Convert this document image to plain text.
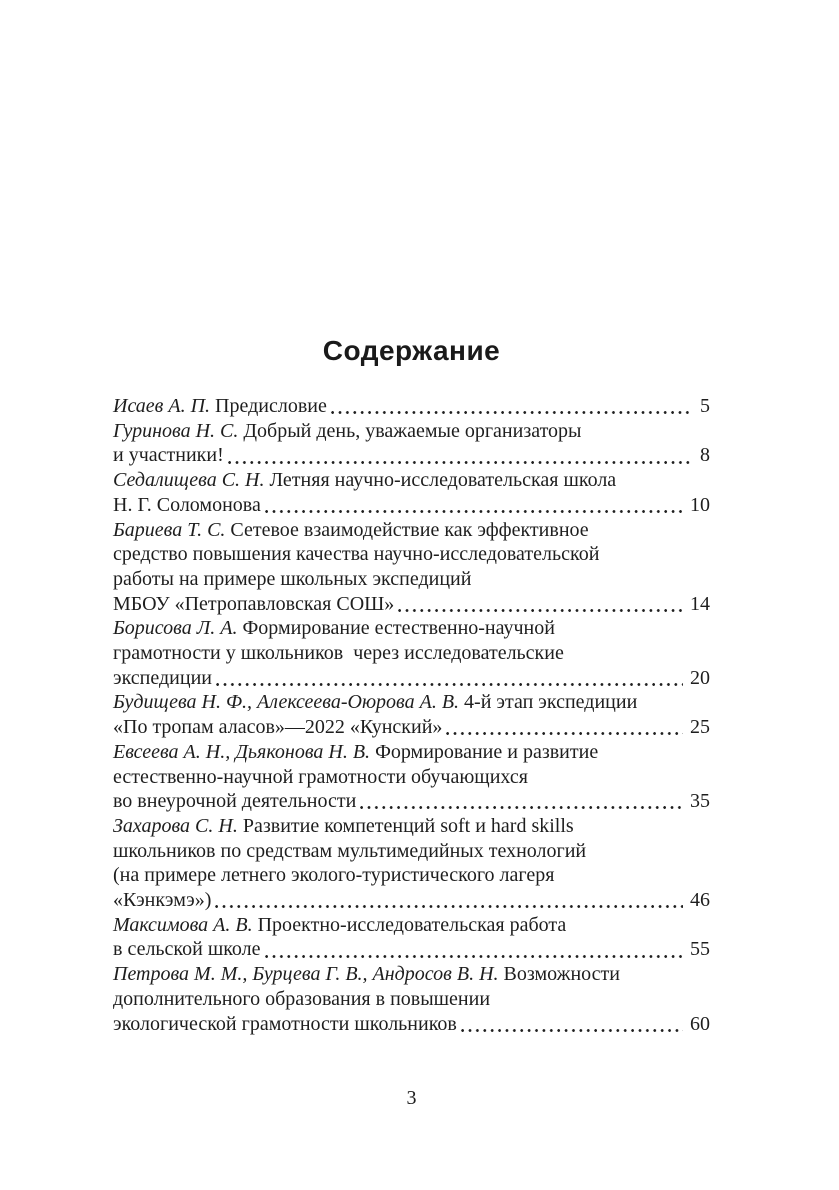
Содержание
Исаев А. П. Предисловие	5
Гуринова Н. С. Добрый день, уважаемые организаторы
и участники!	8
Седалищева С. Н. Летняя научно-исследовательская школа
Н. Г. Соломонова	10
Бариева Т. С. Сетевое взаимодействие как эффективное
средство повышения качества научно-исследовательской
работы на примере школьных экспедиций
МБОУ «Петропавловская СОШ»	14
Борисова Л. А. Формирование естественно-научной
грамотности у школьников  через исследовательские
экспедиции	20
Будищева Н. Ф., Алексеева-Оюрова А. В. 4-й этап экспедиции
«По тропам аласов»—2022 «Кунский»	25
Евсеева А. Н., Дьяконова Н. В. Формирование и развитие
естественно-научной грамотности обучающихся
во внеурочной деятельности	35
Захарова С. Н. Развитие компетенций soft и hard skills
школьников по средствам мультимедийных технологий
(на примере летнего эколого-туристического лагеря
«Кэнкэмэ»)	46
Максимова А. В. Проектно-исследовательская работа
в сельской школе	55
Петрова М. М., Бурцева Г. В., Андросов В. Н. Возможности
дополнительного образования в повышении
экологической грамотности школьников	60
3
